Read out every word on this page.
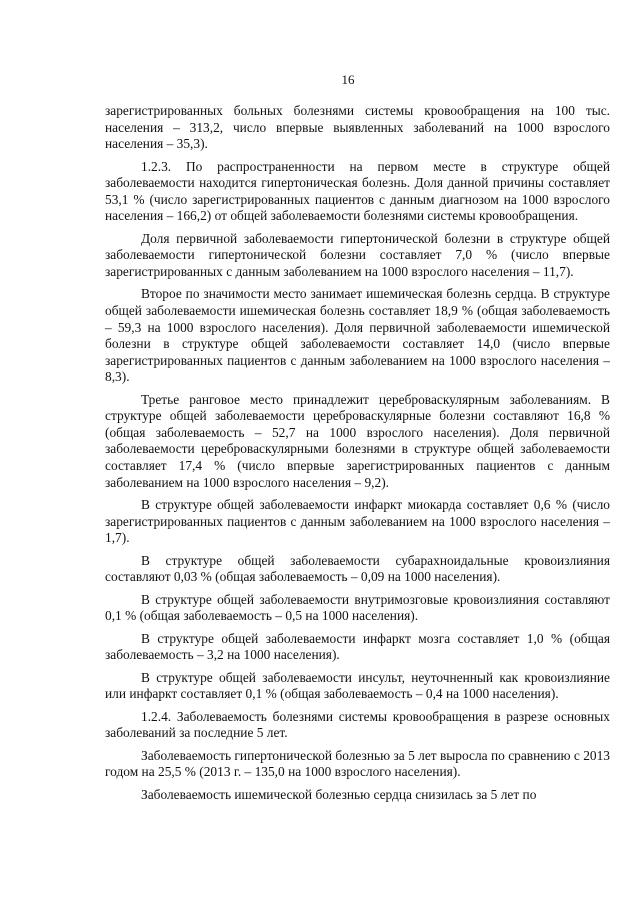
16

зарегистрированных больных болезнями системы кровообращения на 100 тыс. населения – 313,2, число впервые выявленных заболеваний на 1000 взрослого населения – 35,3).

1.2.3. По распространенности на первом месте в структуре общей заболеваемости находится гипертоническая болезнь. Доля данной причины составляет 53,1 % (число зарегистрированных пациентов с данным диагнозом на 1000 взрослого населения – 166,2) от общей заболеваемости болезнями системы кровообращения.

Доля первичной заболеваемости гипертонической болезни в структуре общей заболеваемости гипертонической болезни составляет 7,0 % (число впервые зарегистрированных с данным заболеванием на 1000 взрослого населения – 11,7).

Второе по значимости место занимает ишемическая болезнь сердца. В структуре общей заболеваемости ишемическая болезнь составляет 18,9 % (общая заболеваемость – 59,3 на 1000 взрослого населения). Доля первичной заболеваемости ишемической болезни в структуре общей заболеваемости составляет 14,0 (число впервые зарегистрированных пациентов с данным заболеванием на 1000 взрослого населения – 8,3).

Третье ранговое место принадлежит цереброваскулярным заболеваниям. В структуре общей заболеваемости цереброваскулярные болезни составляют 16,8 % (общая заболеваемость – 52,7 на 1000 взрослого населения). Доля первичной заболеваемости цереброваскулярными болезнями в структуре общей заболеваемости составляет 17,4 % (число впервые зарегистрированных пациентов с данным заболеванием на 1000 взрослого населения – 9,2).

В структуре общей заболеваемости инфаркт миокарда составляет 0,6 % (число зарегистрированных пациентов с данным заболеванием на 1000 взрослого населения – 1,7).

В структуре общей заболеваемости субарахноидальные кровоизлияния составляют 0,03 % (общая заболеваемость – 0,09 на 1000 населения).

В структуре общей заболеваемости внутримозговые кровоизлияния составляют 0,1 % (общая заболеваемость – 0,5 на 1000 населения).

В структуре общей заболеваемости инфаркт мозга составляет 1,0 % (общая заболеваемость – 3,2 на 1000 населения).

В структуре общей заболеваемости инсульт, неуточненный как кровоизлияние или инфаркт составляет 0,1 % (общая заболеваемость – 0,4 на 1000 населения).

1.2.4. Заболеваемость болезнями системы кровообращения в разрезе основных заболеваний за последние 5 лет.

Заболеваемость гипертонической болезнью за 5 лет выросла по сравнению с 2013 годом на 25,5 % (2013 г. – 135,0 на 1000 взрослого населения).

Заболеваемость ишемической болезнью сердца снизилась за 5 лет по
